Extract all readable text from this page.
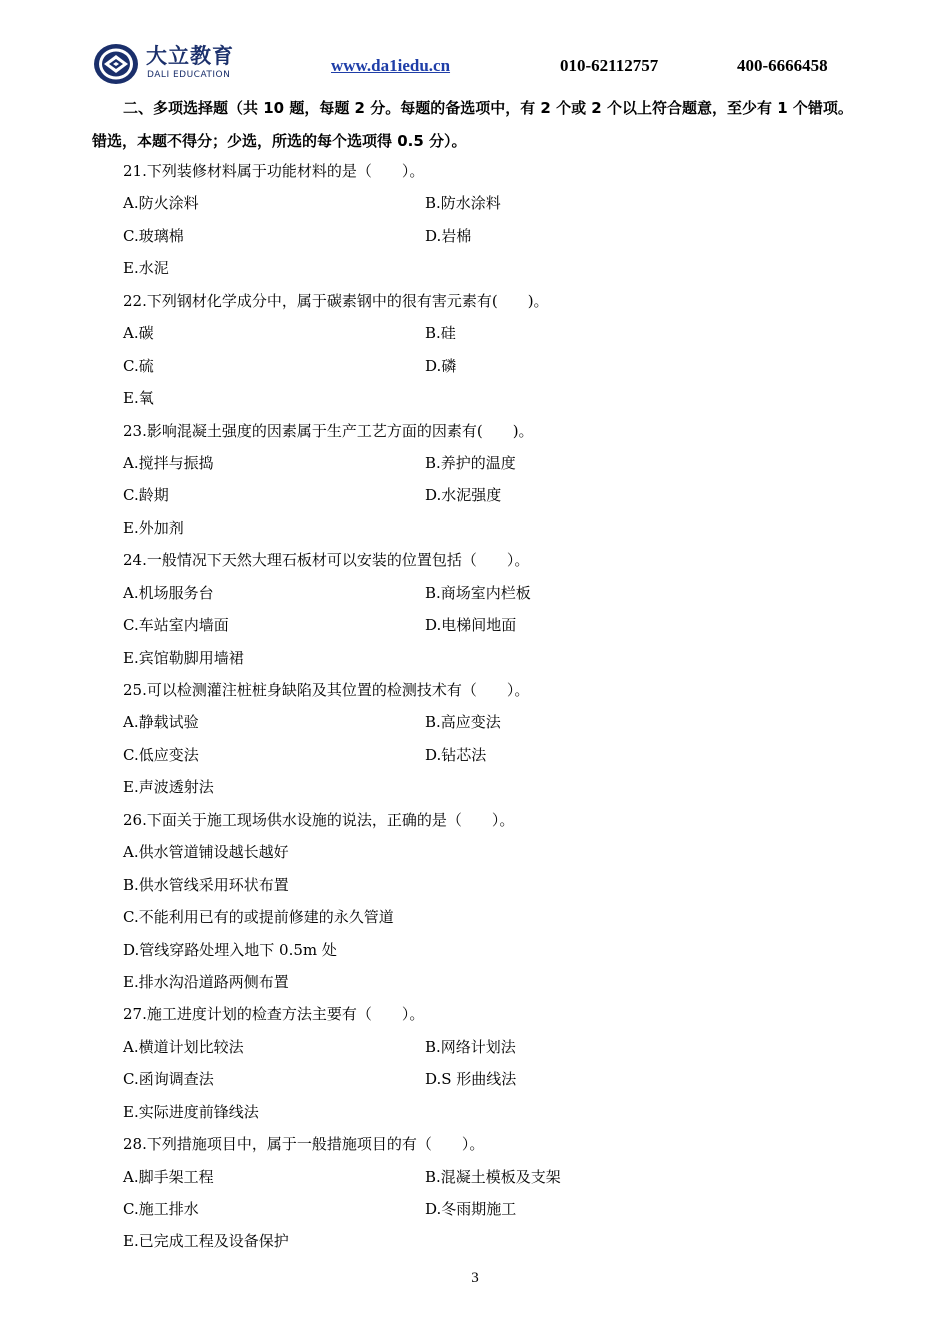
大立教育
DALI EDUCATION	www.da1iedu.cn	010-62112757	400-6666458
二、多项选择题（共 10 题，每题 2 分。每题的备选项中，有 2 个或 2 个以上符合题意，至少有 1 个错项。错选，本题不得分；少选，所选的每个选项得 0.5 分）。
21.下列装修材料属于功能材料的是（　　）。
A.防火涂料	B.防水涂料
C.玻璃棉	D.岩棉
E.水泥
22.下列钢材化学成分中，属于碳素钢中的很有害元素有(　　)。
A.碳	B.硅
C.硫	D.磷
E.氧
23.影响混凝土强度的因素属于生产工艺方面的因素有(　　)。
A.搅拌与振捣	B.养护的温度
C.龄期	D.水泥强度
E.外加剂
24.一般情况下天然大理石板材可以安装的位置包括（　　）。
A.机场服务台	B.商场室内栏板
C.车站室内墙面	D.电梯间地面
E.宾馆勒脚用墙裙
25.可以检测灌注桩桩身缺陷及其位置的检测技术有（　　）。
A.静载试验	B.高应变法
C.低应变法	D.钻芯法
E.声波透射法
26.下面关于施工现场供水设施的说法，正确的是（　　）。
A.供水管道铺设越长越好
B.供水管线采用环状布置
C.不能利用已有的或提前修建的永久管道
D.管线穿路处埋入地下 0.5m 处
E.排水沟沿道路两侧布置
27.施工进度计划的检查方法主要有（　　）。
A.横道计划比较法	B.网络计划法
C.函询调查法	D.S 形曲线法
E.实际进度前锋线法
28.下列措施项目中，属于一般措施项目的有（　　）。
A.脚手架工程	B.混凝土模板及支架
C.施工排水	D.冬雨期施工
E.已完成工程及设备保护
3
